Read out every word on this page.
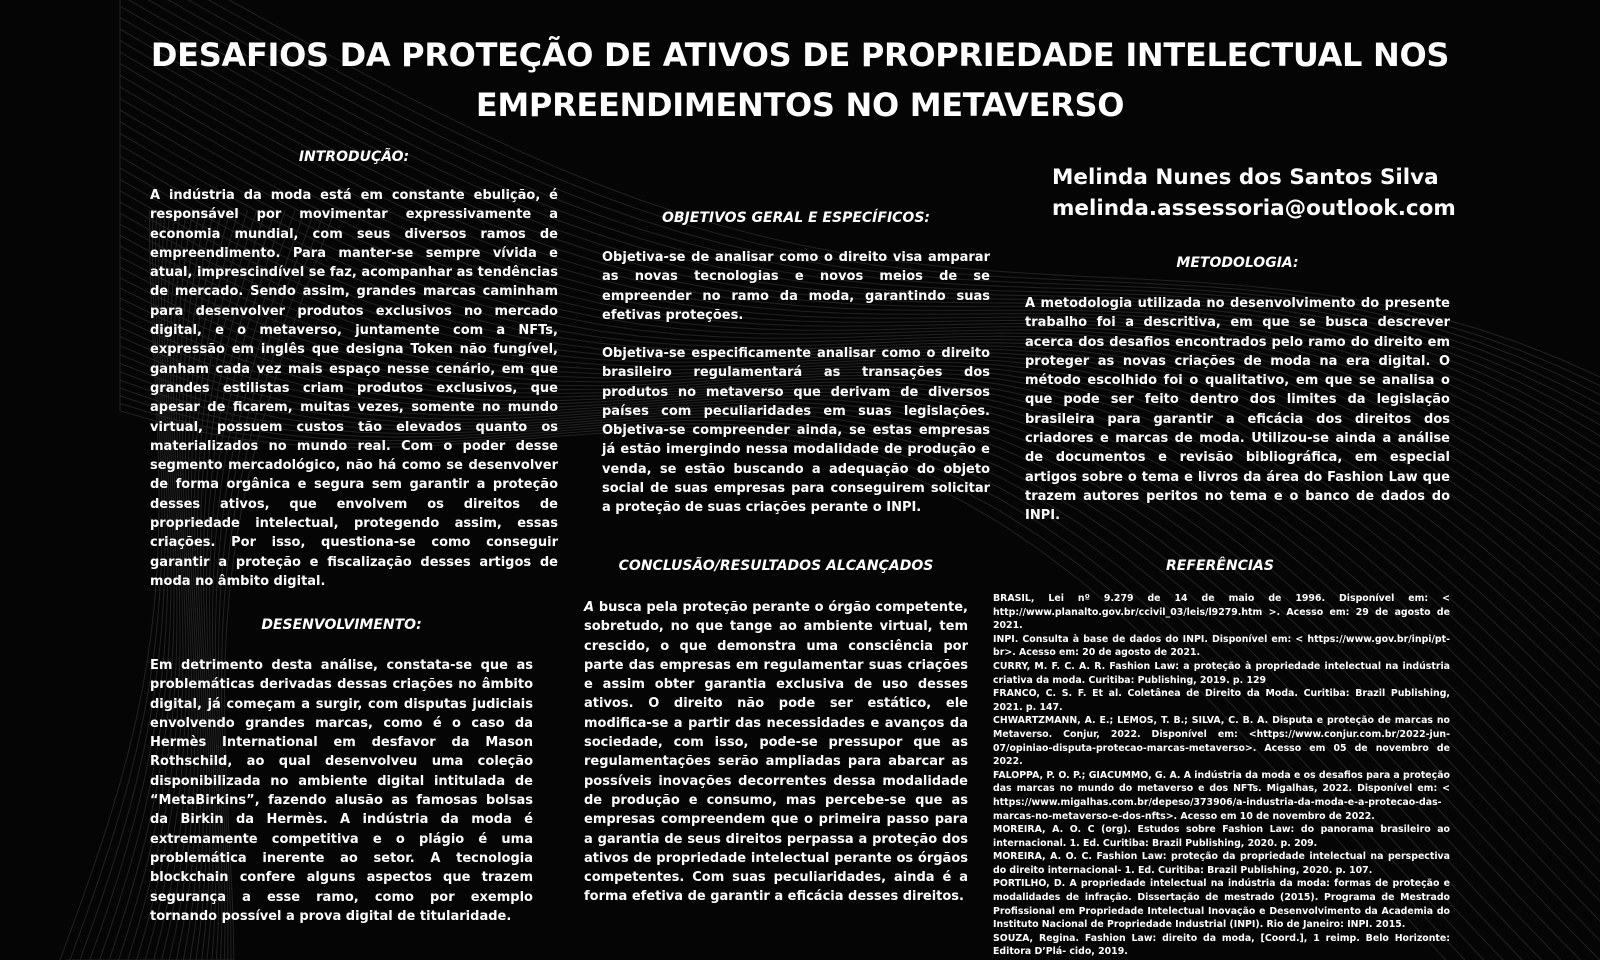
DESAFIOS DA PROTEÇÃO DE ATIVOS DE PROPRIEDADE INTELECTUAL NOS EMPREENDIMENTOS NO METAVERSO
INTRODUÇÃO:

A indústria da moda está em constante ebulição, é responsável por movimentar expressivamente a economia mundial, com seus diversos ramos de empreendimento. Para manter-se sempre vívida e atual, imprescindível se faz, acompanhar as tendências de mercado. Sendo assim, grandes marcas caminham para desenvolver produtos exclusivos no mercado digital, e o metaverso, juntamente com a NFTs, expressão em inglês que designa Token não fungível, ganham cada vez mais espaço nesse cenário, em que grandes estilistas criam produtos exclusivos, que apesar de ficarem, muitas vezes, somente no mundo virtual, possuem custos tão elevados quanto os materializados no mundo real. Com o poder desse segmento mercadológico, não há como se desenvolver de forma orgânica e segura sem garantir a proteção desses ativos, que envolvem os direitos de propriedade intelectual, protegendo assim, essas criações. Por isso, questiona-se como conseguir garantir a proteção e fiscalização desses artigos de moda no âmbito digital.

DESENVOLVIMENTO:

Em detrimento desta análise, constata-se que as problemáticas derivadas dessas criações no âmbito digital, já começam a surgir, com disputas judiciais envolvendo grandes marcas, como é o caso da Hermès International em desfavor da Mason Rothschild, ao qual desenvolveu uma coleção disponibilizada no ambiente digital intitulada de “MetaBirkins”, fazendo alusão as famosas bolsas da Birkin da Hermès. A indústria da moda é extremamente competitiva e o plágio é uma problemática inerente ao setor. A tecnologia blockchain confere alguns aspectos que trazem segurança a esse ramo, como por exemplo tornando possível a prova digital de titularidade.

OBJETIVOS GERAL E ESPECÍFICOS:

Objetiva-se de analisar como o direito visa amparar as novas tecnologias e novos meios de se empreender no ramo da moda, garantindo suas efetivas proteções.

Objetiva-se especificamente analisar como o direito brasileiro regulamentará as transações dos produtos no metaverso que derivam de diversos países com peculiaridades em suas legislações. Objetiva-se compreender ainda, se estas empresas já estão imergindo nessa modalidade de produção e venda, se estão buscando a adequação do objeto social de suas empresas para conseguirem solicitar a proteção de suas criações perante o INPI.

CONCLUSÃO/RESULTADOS ALCANÇADOS

A busca pela proteção perante o órgão competente, sobretudo, no que tange ao ambiente virtual, tem crescido, o que demonstra uma consciência por parte das empresas em regulamentar suas criações e assim obter garantia exclusiva de uso desses ativos. O direito não pode ser estático, ele modifica-se a partir das necessidades e avanços da sociedade, com isso, pode-se pressupor que as regulamentações serão ampliadas para abarcar as possíveis inovações decorrentes dessa modalidade de produção e consumo, mas percebe-se que as empresas compreendem que o primeira passo para a garantia de seus direitos perpassa a proteção dos ativos de propriedade intelectual perante os órgãos competentes. Com suas peculiaridades, ainda é a forma efetiva de garantir a eficácia desses direitos.

Melinda Nunes dos Santos Silva
melinda.assessoria@outlook.com
METODOLOGIA:

A metodologia utilizada no desenvolvimento do presente trabalho foi a descritiva, em que se busca descrever acerca dos desafios encontrados pelo ramo do direito em proteger as novas criações de moda na era digital. O método escolhido foi o qualitativo, em que se analisa o que pode ser feito dentro dos limites da legislação brasileira para garantir a eficácia dos direitos dos criadores e marcas de moda. Utilizou-se ainda a análise de documentos e revisão bibliográfica, em especial artigos sobre o tema e livros da área do Fashion Law que trazem autores peritos no tema e o banco de dados do INPI.

REFERÊNCIAS
BRASIL, Lei nº 9.279 de 14 de maio de 1996. Disponível em: < http://www.planalto.gov.br/ccivil_03/leis/l9279.htm >. Acesso em: 29 de agosto de 2021.
INPI. Consulta à base de dados do INPI. Disponível em: < https://www.gov.br/inpi/pt-br>. Acesso em: 20 de agosto de 2021.
CURRY, M. F. C. A. R. Fashion Law: a proteção à propriedade intelectual na indústria criativa da moda. Curitiba: Publishing, 2019. p. 129
FRANCO, C. S. F. Et al. Coletânea de Direito da Moda. Curitiba: Brazil Publishing, 2021. p. 147.
CHWARTZMANN, A. E.; LEMOS, T. B.; SILVA, C. B. A. Disputa e proteção de marcas no Metaverso. Conjur, 2022. Disponível em: <https://www.conjur.com.br/2022-jun-07/opiniao-disputa-protecao-marcas-metaverso>. Acesso em 05 de novembro de 2022.
FALOPPA, P. O. P.; GIACUMMO, G. A. A indústria da moda e os desafios para a proteção das marcas no mundo do metaverso e dos NFTs. Migalhas, 2022. Disponível em: < https://www.migalhas.com.br/depeso/373906/a-industria-da-moda-e-a-protecao-das-marcas-no-metaverso-e-dos-nfts>. Acesso em 10 de novembro de 2022.
MOREIRA, A. O. C (org). Estudos sobre Fashion Law: do panorama brasileiro ao internacional. 1. Ed. Curitiba: Brazil Publishing, 2020. p. 209.
MOREIRA, A. O. C. Fashion Law: proteção da propriedade intelectual na perspectiva do direito internacional- 1. Ed. Curitiba: Brazil Publishing, 2020. p. 107.
PORTILHO, D. A propriedade intelectual na indústria da moda: formas de proteção e modalidades de infração. Dissertação de mestrado (2015). Programa de Mestrado Profissional em Propriedade Intelectual Inovação e Desenvolvimento da Academia do Instituto Nacional de Propriedade Industrial (INPI). Rio de Janeiro: INPI. 2015.
SOUZA, Regina. Fashion Law: direito da moda, [Coord.], 1 reimp. Belo Horizonte: Editora D’Plá- cido, 2019.
